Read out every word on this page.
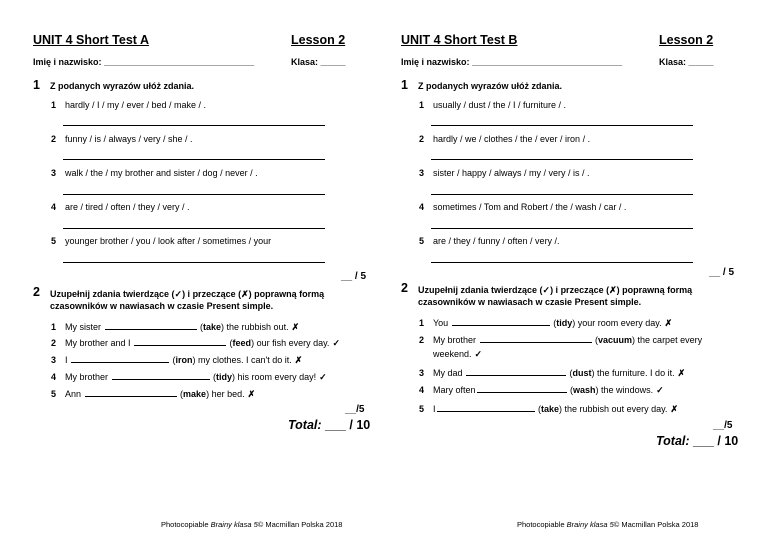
UNIT 4 Short Test A	Lesson 2
Imię i nazwisko: ______________________________	Klasa: _____
1 Z podanych wyrazów ułóż zdania.
1 hardly / I / my / ever / bed / make / .
2 funny / is / always / very / she / .
3 walk / the / my brother and sister / dog / never / .
4 are / tired / often / they / very / .
5 younger brother / you / look after / sometimes / your
__ / 5
2 Uzupełnij zdania twierdzące (✓) i przeczące (✗) poprawną formą
czasowników w nawiasach w czasie Present simple.
1 My sister	(take) the rubbish out. ✗
2 My brother and I	(feed) our fish every day. ✓
3 I	(iron) my clothes. I can't do it. ✗
4 My brother	(tidy) his room every day! ✓
5 Ann	(make) her bed. ✗
__/5
Total: ___ / 10
Photocopiable Brainy klasa 5© Macmillan Polska 2018
UNIT 4 Short Test B	Lesson 2
Imię i nazwisko: ______________________________	Klasa: _____
1 Z podanych wyrazów ułóż zdania.
1 usually / dust / the / I / furniture / .
2 hardly / we / clothes / the / ever / iron / .
3 sister / happy / always / my / very / is / .
4 sometimes / Tom and Robert / the / wash / car / .
5 are / they / funny / often / very /.
__ / 5
2 Uzupełnij zdania twierdzące (✓) i przeczące (✗) poprawną formą
czasowników w nawiasach w czasie Present simple.
1 You	(tidy) your room every day. ✗
2 My brother	(vacuum) the carpet every
weekend. ✓
3 My dad	(dust) the furniture. I do it. ✗
4 Mary often	(wash) the windows. ✓
5 I	(take) the rubbish out every day. ✗
__/5
Total: ___ / 10
Photocopiable Brainy klasa 5© Macmillan Polska 2018
